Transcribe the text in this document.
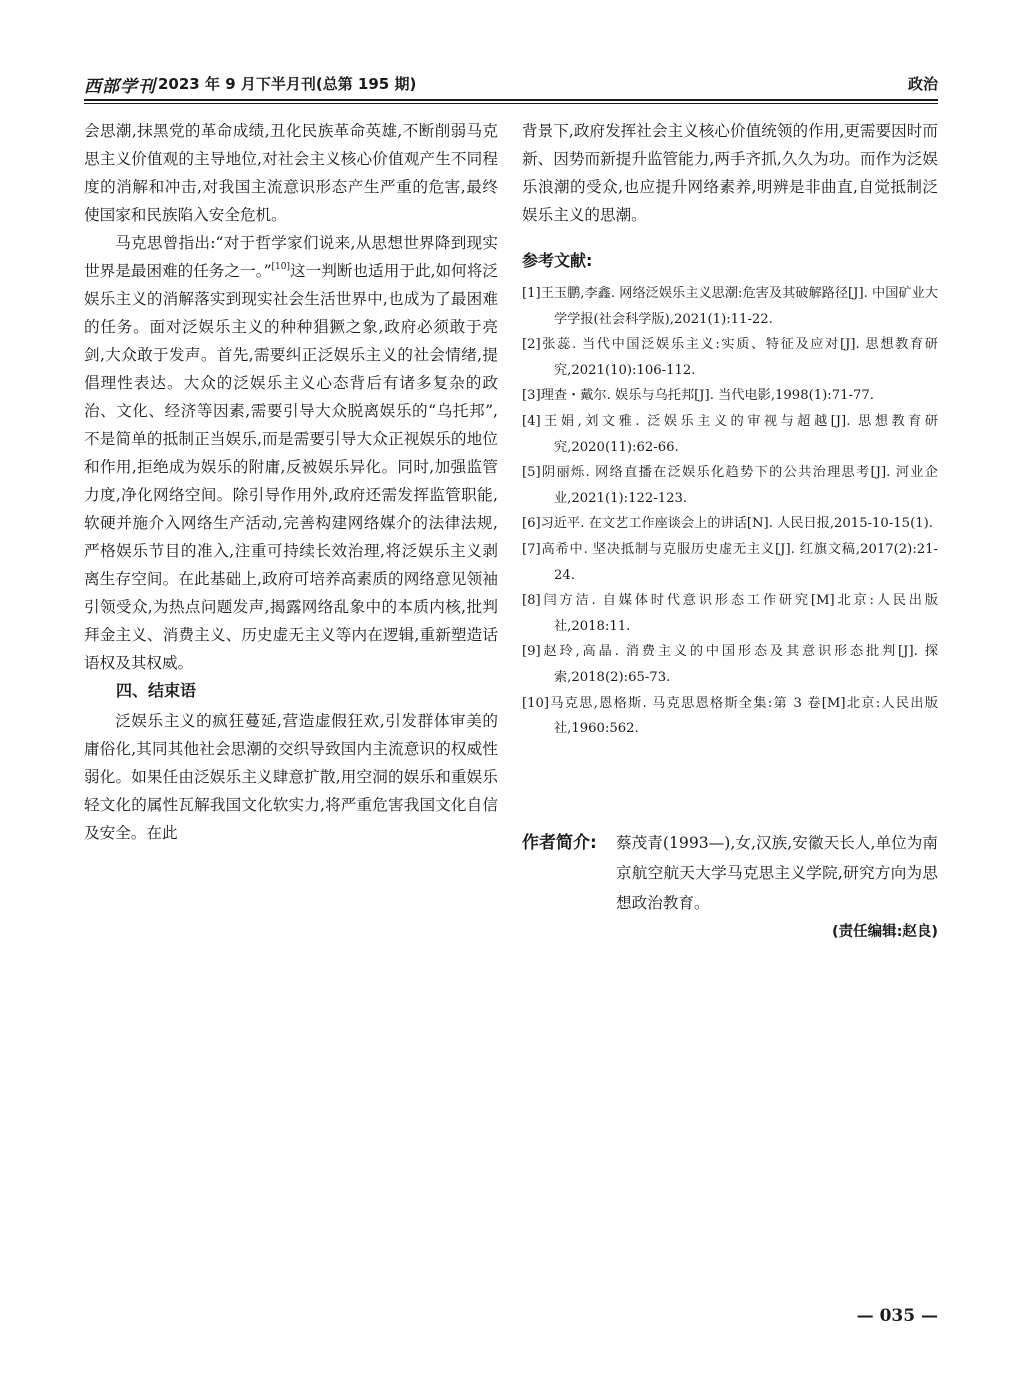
西部学刊 2023 年 9 月下半月刊(总第 195 期)	政治

会思潮,抹黑党的革命成绩,丑化民族革命英雄,不断削弱马克思主义价值观的主导地位,对社会主义核心价值观产生不同程度的消解和冲击,对我国主流意识形态产生严重的危害,最终使国家和民族陷入安全危机。

马克思曾指出:“对于哲学家们说来,从思想世界降到现实世界是最困难的任务之一。”[10]这一判断也适用于此,如何将泛娱乐主义的消解落实到现实社会生活世界中,也成为了最困难的任务。面对泛娱乐主义的种种猖獗之象,政府必须敢于亮剑,大众敢于发声。首先,需要纠正泛娱乐主义的社会情绪,提倡理性表达。大众的泛娱乐主义心态背后有诸多复杂的政治、文化、经济等因素,需要引导大众脱离娱乐的“乌托邦”,不是简单的抵制正当娱乐,而是需要引导大众正视娱乐的地位和作用,拒绝成为娱乐的附庸,反被娱乐异化。同时,加强监管力度,净化网络空间。除引导作用外,政府还需发挥监管职能,软硬并施介入网络生产活动,完善构建网络媒介的法律法规,严格娱乐节目的准入,注重可持续长效治理,将泛娱乐主义剥离生存空间。在此基础上,政府可培养高素质的网络意见领袖引领受众,为热点问题发声,揭露网络乱象中的本质内核,批判拜金主义、消费主义、历史虚无主义等内在逻辑,重新塑造话语权及其权威。

四、结束语

泛娱乐主义的疯狂蔓延,营造虚假狂欢,引发群体审美的庸俗化,其同其他社会思潮的交织导致国内主流意识的权威性弱化。如果任由泛娱乐主义肆意扩散,用空洞的娱乐和重娱乐轻文化的属性瓦解我国文化软实力,将严重危害我国文化自信及安全。在此

背景下,政府发挥社会主义核心价值统领的作用,更需要因时而新、因势而新提升监管能力,两手齐抓,久久为功。而作为泛娱乐浪潮的受众,也应提升网络素养,明辨是非曲直,自觉抵制泛娱乐主义的思潮。

参考文献:
[1]王玉鹏,李鑫. 网络泛娱乐主义思潮:危害及其破解路径[J]. 中国矿业大学学报(社会科学版),2021(1):11-22.
[2]张蕊. 当代中国泛娱乐主义:实质、特征及应对[J]. 思想教育研究,2021(10):106-112.
[3]理查・戴尔. 娱乐与乌托邦[J]. 当代电影,1998(1):71-77.
[4]王娟,刘文雅. 泛娱乐主义的审视与超越[J]. 思想教育研究,2020(11):62-66.
[5]阴丽烁. 网络直播在泛娱乐化趋势下的公共治理思考[J]. 河业企业,2021(1):122-123.
[6]习近平. 在文艺工作座谈会上的讲话[N]. 人民日报,2015-10-15(1).
[7]高希中. 坚决抵制与克服历史虚无主义[J]. 红旗文稿,2017(2):21-24.
[8]闫方洁. 自媒体时代意识形态工作研究[M]北京:人民出版社,2018:11.
[9]赵玲,高晶. 消费主义的中国形态及其意识形态批判[J]. 探索,2018(2):65-73.
[10]马克思,恩格斯. 马克思恩格斯全集:第 3 卷[M]北京:人民出版社,1960:562.
作者简介: 蔡茂青(1993—),女,汉族,安徽天长人,单位为南京航空航天大学马克思主义学院,研究方向为思想政治教育。
(责任编辑:赵良)
— 035 —
